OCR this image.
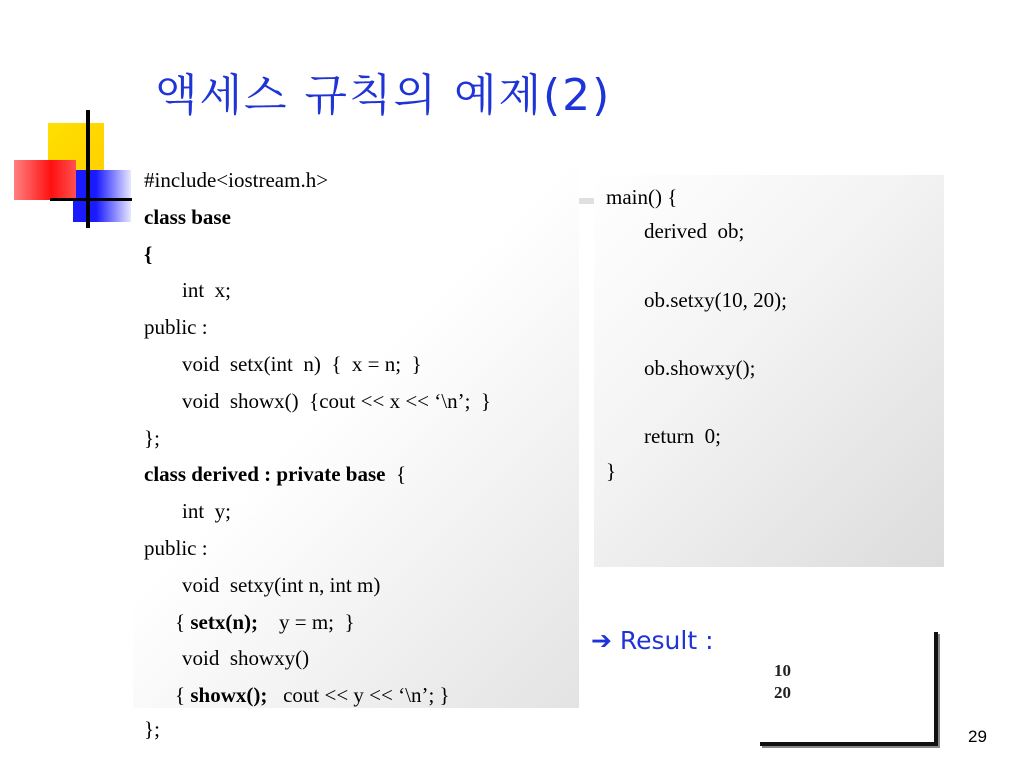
액세스 규칙의 예제(2)
#include<iostream.h>
class base
{
int  x;
public :
void  setx(int  n)  {  x = n;  }
void  showx()  {cout << x << ‘\n’;  }
};
class derived : private base  {
int  y;
public :
void  setxy(int n, int m)
{ setx(n);    y = m;  }
void  showxy()
{ showx();   cout << y << ‘\n’; }
};
main() {
derived  ob;
ob.setxy(10, 20);
ob.showxy();
return  0;
}
➔ Result :
10
20
29
